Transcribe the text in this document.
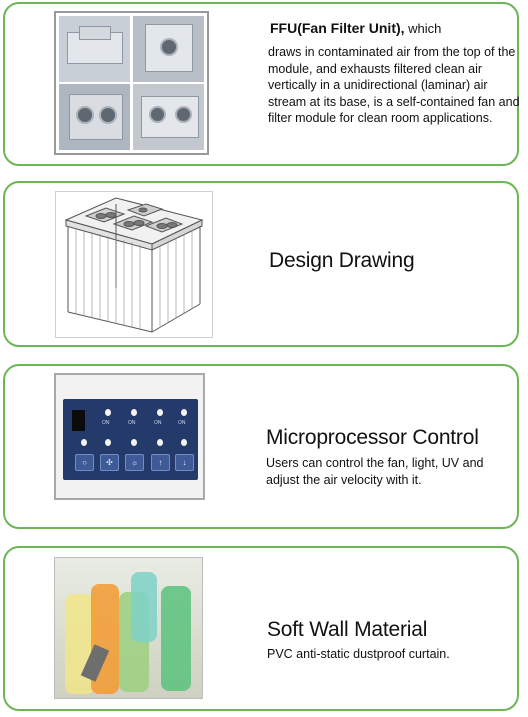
FFU(Fan Filter Unit), which
draws in contaminated air from the top of the module, and exhausts filtered clean air vertically in a unidirectional (laminar) air stream at its base, is a self-contained fan and filter module for clean room applications.
Design Drawing
ON	ON	ON	ON
○	✣	☼	↑	↓
Microprocessor Control
Users can control the fan, light, UV and adjust the air velocity with it.
Soft Wall Material
PVC anti-static dustproof curtain.
